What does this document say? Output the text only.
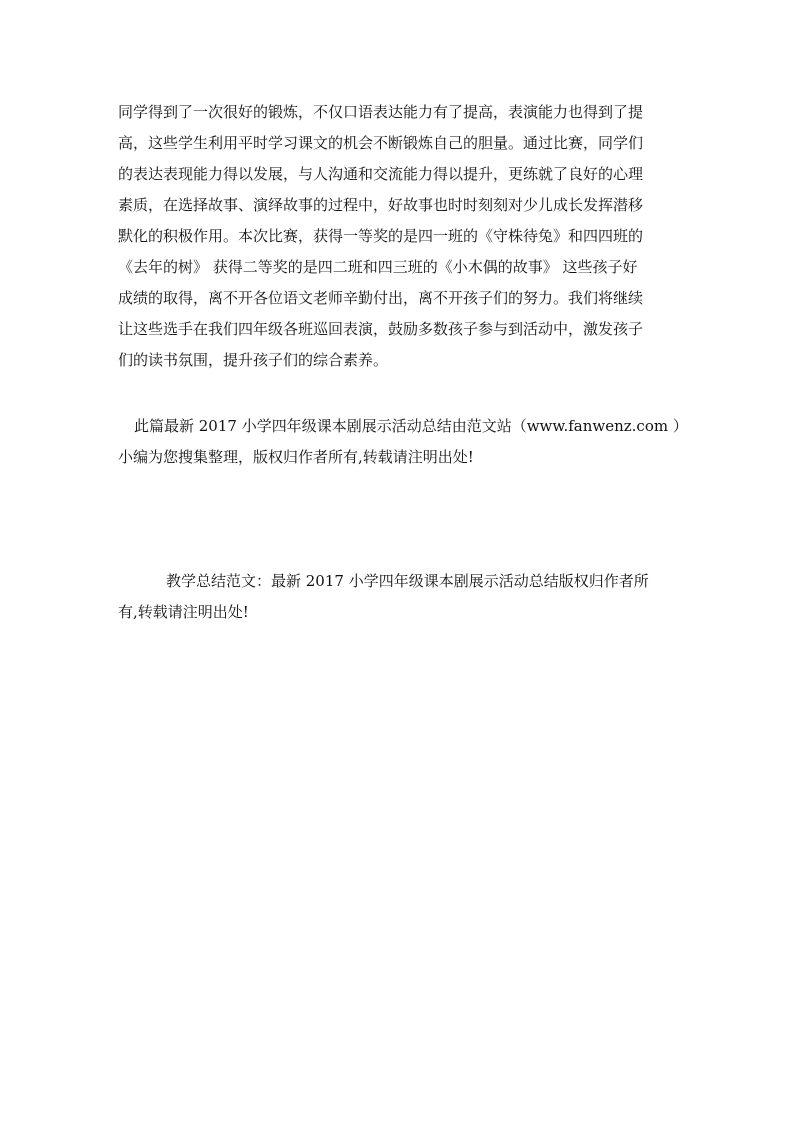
同学得到了一次很好的锻炼，不仅口语表达能力有了提高，表演能力也得到了提
高，这些学生利用平时学习课文的机会不断锻炼自己的胆量。通过比赛，同学们
的表达表现能力得以发展，与人沟通和交流能力得以提升，更练就了良好的心理
素质，在选择故事、演绎故事的过程中，好故事也时时刻刻对少儿成长发挥潜移
默化的积极作用。本次比赛，获得一等奖的是四一班的《守株待兔》和四四班的
《去年的树》 获得二等奖的是四二班和四三班的《小木偶的故事》 这些孩子好
成绩的取得，离不开各位语文老师辛勤付出，离不开孩子们的努力。我们将继续
让这些选手在我们四年级各班巡回表演，鼓励多数孩子参与到活动中，激发孩子
们的读书氛围，提升孩子们的综合素养。
此篇最新 2017 小学四年级课本剧展示活动总结由范文站（www.fanwenz.com ）
小编为您搜集整理，版权归作者所有,转载请注明出处!
教学总结范文：最新 2017 小学四年级课本剧展示活动总结版权归作者所
有,转载请注明出处!
